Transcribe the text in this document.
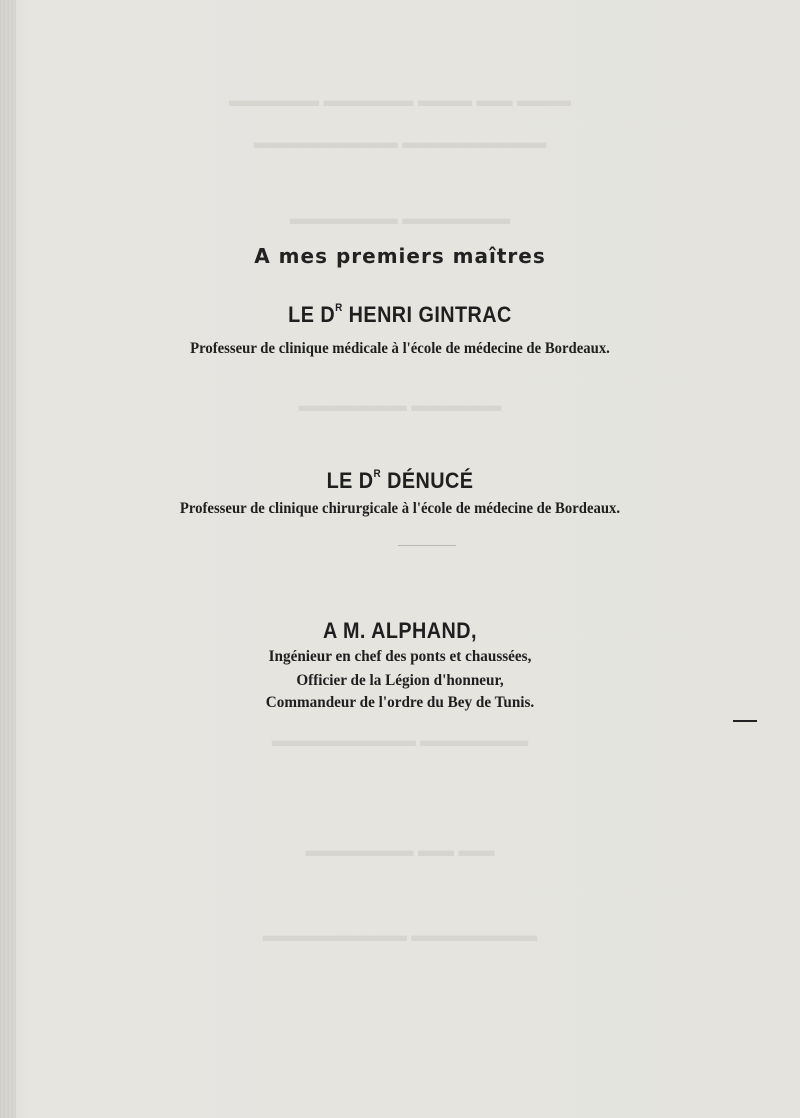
▬▬▬ ▬▬ ▬▬▬ ▬▬▬▬▬ ▬▬▬▬▬
▬▬▬▬▬▬▬▬ ▬▬▬▬▬▬▬▬
▬▬▬▬▬▬ ▬▬▬▬▬▬
▬▬▬▬▬ ▬▬▬▬▬▬
▬▬▬▬▬▬ ▬▬▬▬▬▬▬▬
▬▬ ▬▬ ▬▬▬▬▬▬
▬▬▬▬▬▬▬ ▬▬▬▬▬▬▬▬
A mes premiers maîtres
LE $D^R$ HENRI GINTRAC
Professeur de clinique médicale à l'école de médecine de Bordeaux.
LE $D^R$ DÉNUCÉ
Professeur de clinique chirurgicale à l'école de médecine de Bordeaux.
A M. ALPHAND,
Ingénieur en chef des ponts et chaussées,
Officier de la Légion d'honneur,
Commandeur de l'ordre du Bey de Tunis.
